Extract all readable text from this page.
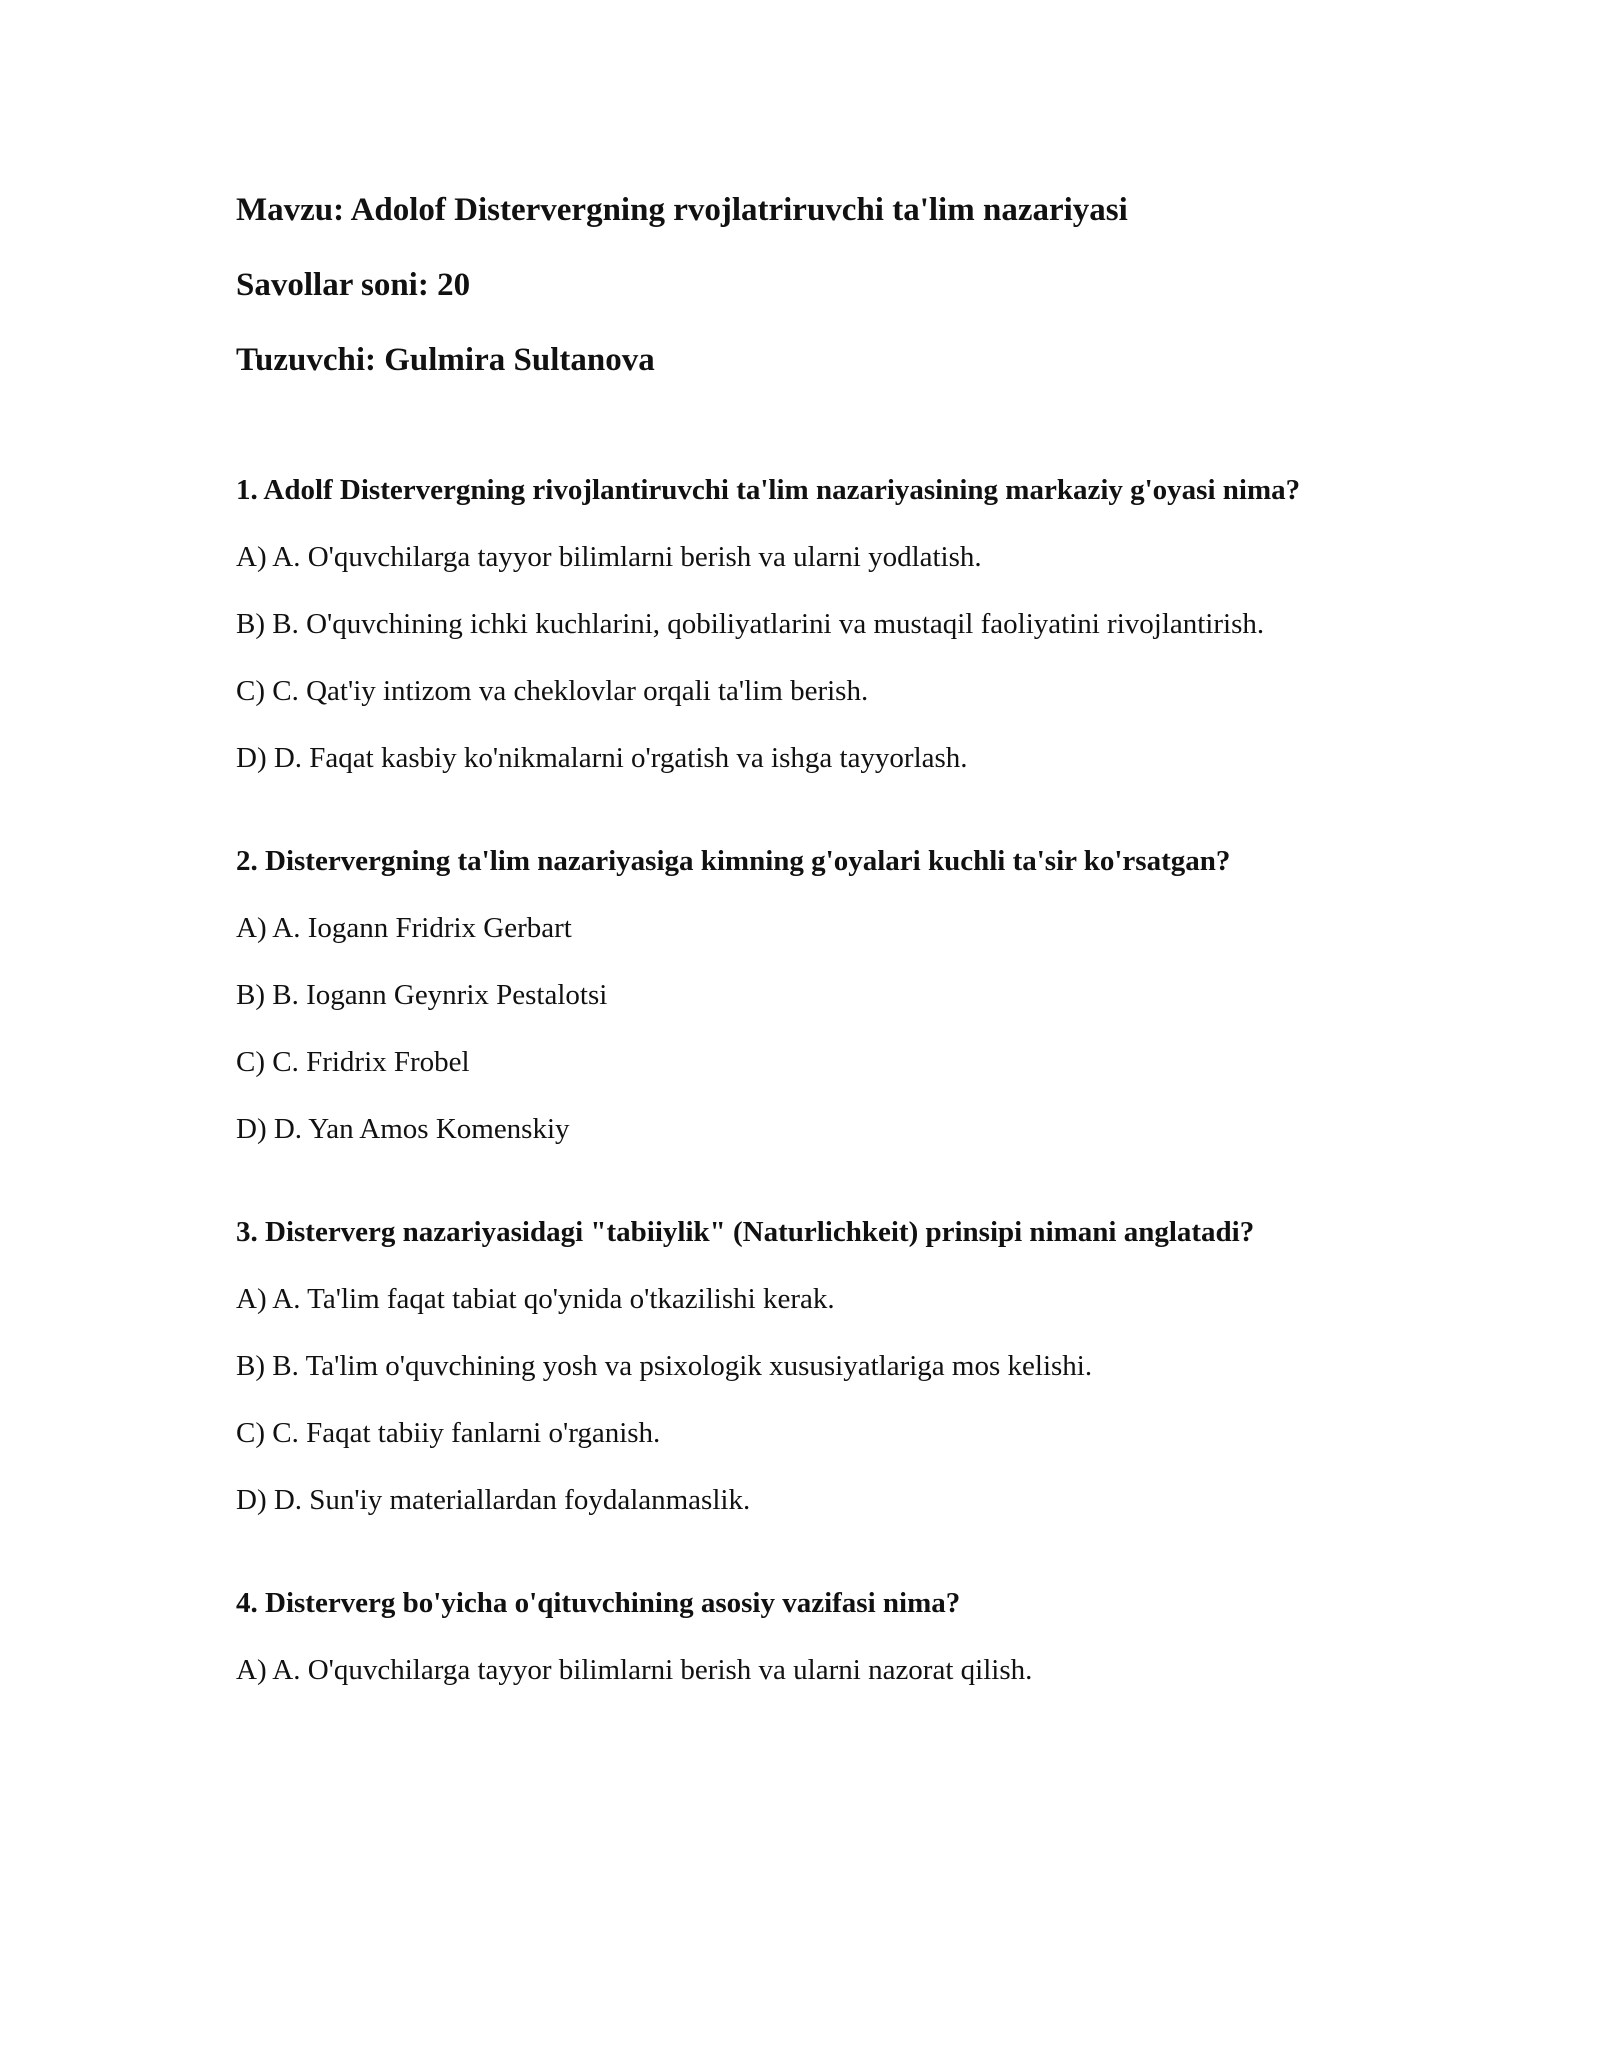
Mavzu: Adolof Distervergning rvojlatriruvchi ta'lim nazariyasi
Savollar soni: 20
Tuzuvchi: Gulmira Sultanova
1. Adolf Distervergning rivojlantiruvchi ta'lim nazariyasining markaziy g'oyasi nima?
A) A. O'quvchilarga tayyor bilimlarni berish va ularni yodlatish.
B) B. O'quvchining ichki kuchlarini, qobiliyatlarini va mustaqil faoliyatini rivojlantirish.
C) C. Qat'iy intizom va cheklovlar orqali ta'lim berish.
D) D. Faqat kasbiy ko'nikmalarni o'rgatish va ishga tayyorlash.
2. Distervergning ta'lim nazariyasiga kimning g'oyalari kuchli ta'sir ko'rsatgan?
A) A. Iogann Fridrix Gerbart
B) B. Iogann Geynrix Pestalotsi
C) C. Fridrix Frobel
D) D. Yan Amos Komenskiy
3. Disterverg nazariyasidagi "tabiiylik" (Naturlichkeit) prinsipi nimani anglatadi?
A) A. Ta'lim faqat tabiat qo'ynida o'tkazilishi kerak.
B) B. Ta'lim o'quvchining yosh va psixologik xususiyatlariga mos kelishi.
C) C. Faqat tabiiy fanlarni o'rganish.
D) D. Sun'iy materiallardan foydalanmaslik.
4. Disterverg bo'yicha o'qituvchining asosiy vazifasi nima?
A) A. O'quvchilarga tayyor bilimlarni berish va ularni nazorat qilish.
